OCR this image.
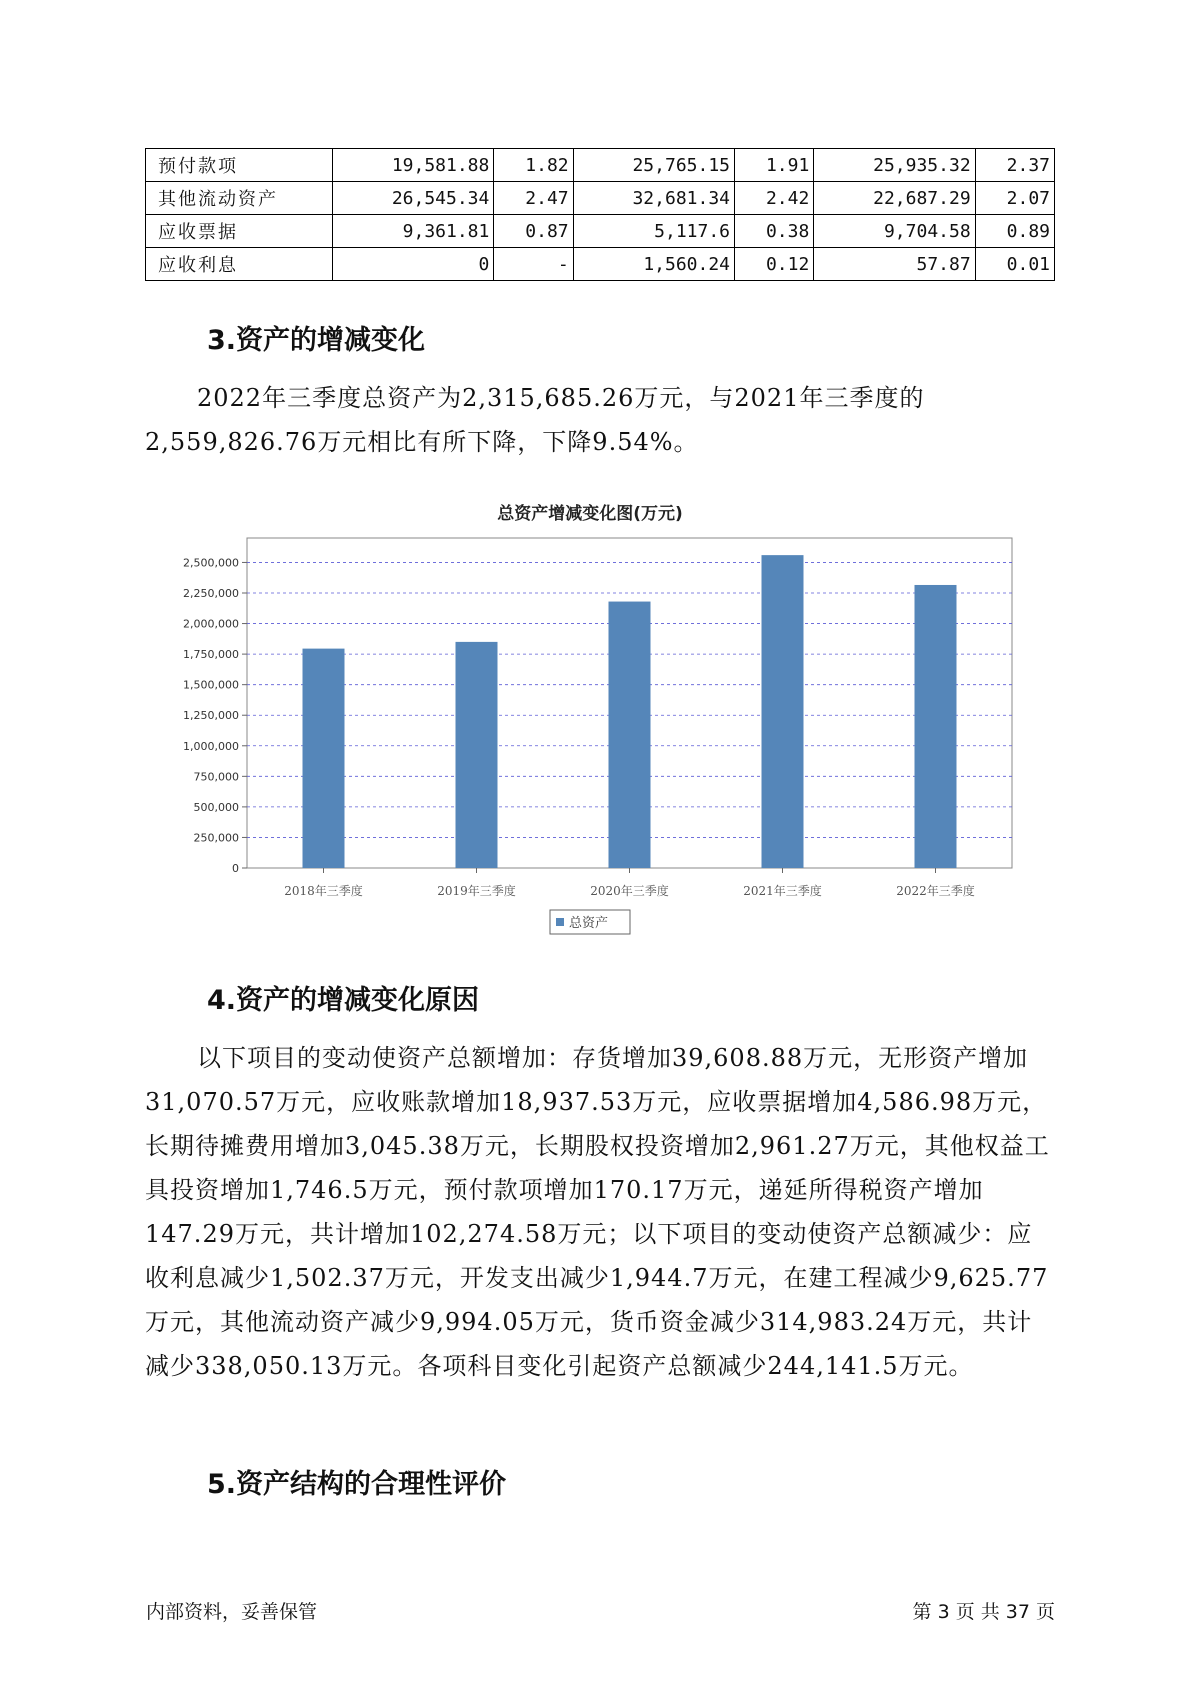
预付款项	19,581.88	1.82	25,765.15	1.91	25,935.32	2.37
其他流动资产	26,545.34	2.47	32,681.34	2.42	22,687.29	2.07
应收票据	9,361.81	0.87	5,117.6	0.38	9,704.58	0.89
应收利息	0	-	1,560.24	0.12	57.87	0.01
3.资产的增减变化
2022年三季度总资产为2,315,685.26万元，与2021年三季度的2,559,826.76万元相比有所下降，下降9.54%。
总资产增减变化图(万元)
0
250,000
500,000
750,000
1,000,000
1,250,000
1,500,000
1,750,000
2,000,000
2,250,000
2,500,000
2018年三季度	2019年三季度	2020年三季度	2021年三季度	2022年三季度
总资产
4.资产的增减变化原因
以下项目的变动使资产总额增加：存货增加39,608.88万元，无形资产增加31,070.57万元，应收账款增加18,937.53万元，应收票据增加4,586.98万元，长期待摊费用增加3,045.38万元，长期股权投资增加2,961.27万元，其他权益工具投资增加1,746.5万元，预付款项增加170.17万元，递延所得税资产增加147.29万元，共计增加102,274.58万元；以下项目的变动使资产总额减少：应收利息减少1,502.37万元，开发支出减少1,944.7万元，在建工程减少9,625.77万元，其他流动资产减少9,994.05万元，货币资金减少314,983.24万元，共计减少338,050.13万元。各项科目变化引起资产总额减少244,141.5万元。
5.资产结构的合理性评价
内部资料，妥善保管	第 3 页 共 37 页
